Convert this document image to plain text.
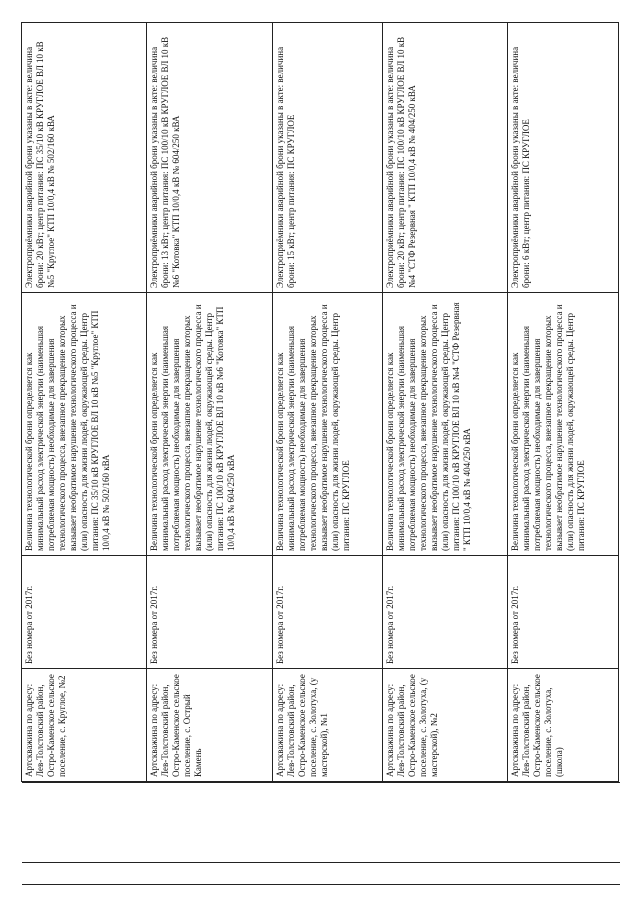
Артскважина по адресу: Лев-Толстовский район, Остро-Каменское сельское поселение, с. Круглое, №2	Без номера от 2017г.	Величина технологической брони определяется как минимальный расход электрической энергии (наименьшая потребляемая мощность) необходимые для завершения технологического процесса, внезапное прекращение которых вызывает необратимое нарушение технологического процесса и (или) опасность для жизни людей, окружающей среды. Центр питания: ПС 35/10 кВ КРУГЛОЕ ВЛ 10 кВ №5 "Круглое" КТП 10/0,4 кВ № 502/160 кВА	Электроприёмники аварийной брони указаны в акте: величина брони: 20 кВт; центр питания: ПС 35/10 кВ КРУГЛОЕ ВЛ 10 кВ №5 "Круглое" КТП 10/0,4 кВ № 502/160 кВА
Артскважина по адресу: Лев-Толстовский район, Остро-Каменское сельское поселение, с. Острый Камень	Без номера от 2017г.	Величина технологической брони определяется как минимальный расход электрической энергии (наименьшая потребляемая мощность) необходимые для завершения технологического процесса, внезапное прекращение которых вызывает необратимое нарушение технологического процесса и (или) опасность для жизни людей, окружающей среды. Центр питания: ПС 100/10 кВ КРУГЛОЕ ВЛ 10 кВ №6 "Котовка" КТП 10/0,4 кВ № 604/250 кВА	Электроприёмники аварийной брони указаны в акте: величина брони: 13 кВт; центр питания: ПС 100/10 кВ КРУГЛОЕ ВЛ 10 кВ №6 "Котовка" КТП 10/0,4 кВ № 604/250 кВА
Артскважина по адресу: Лев-Толстовский район, Остро-Каменское сельское поселение, с. Золотуха, (у мастерской), №1	Без номера от 2017г.	Величина технологической брони определяется как минимальный расход электрической энергии (наименьшая потребляемая мощность) необходимые для завершения технологического процесса, внезапное прекращение которых вызывает необратимое нарушение технологического процесса и (или) опасность для жизни людей, окружающей среды. Центр питания: ПС КРУГЛОЕ	Электроприёмники аварийной брони указаны в акте: величина брони: 15 кВт; центр питания: ПС КРУГЛОЕ
Артскважина по адресу: Лев-Толстовский район, Остро-Каменское сельское поселение, с. Золотуха, (у мастерской), №2	Без номера от 2017г.	Величина технологической брони определяется как минимальный расход электрической энергии (наименьшая потребляемая мощность) необходимые для завершения технологического процесса, внезапное прекращение которых вызывает необратимое нарушение технологического процесса и (или) опасность для жизни людей, окружающей среды. Центр питания: ПС 100/10 кВ КРУГЛОЕ ВЛ 10 кВ №4 "СТФ Резервная " КТП 10/0,4 кВ № 404/250 кВА	Электроприёмники аварийной брони указаны в акте: величина брони: 20 кВт; центр питания: ПС 100/10 кВ КРУГЛОЕ ВЛ 10 кВ №4 "СТФ Резервная " КТП 10/0,4 кВ № 404/250 кВА
Артскважина по адресу: Лев-Толстовский район, Остро-Каменское сельское поселение, с. Золотуха, (школа)	Без номера от 2017г.	Величина технологической брони определяется как минимальный расход электрической энергии (наименьшая потребляемая мощность) необходимые для завершения технологического процесса, внезапное прекращение которых вызывает необратимое нарушение технологического процесса и (или) опасность для жизни людей, окружающей среды. Центр питания: ПС КРУГЛОЕ	Электроприёмники аварийной брони указаны в акте: величина брони: 6 кВт; центр питания: ПС КРУГЛОЕ
